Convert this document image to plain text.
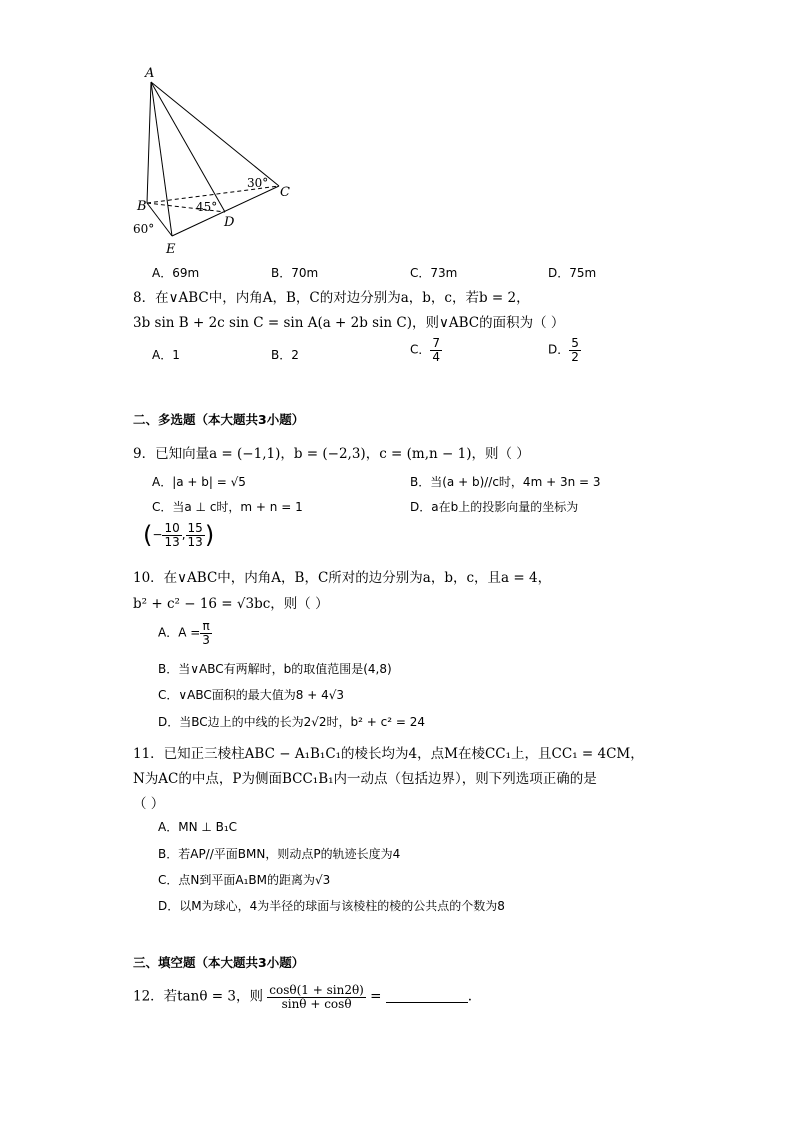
A
B
C
D
E
30°
45°
60°
A．69m	B．70m	C．73m	D．75m
8．在∨ABC中，内角A，B，C的对边分别为a，b，c，若b = 2，
3b sin B + 2c sin C = sin A(a + 2b sin C)，则∨ABC的面积为（ ）
A．1	B．2	C． $\frac{7}{4}$	D． $\frac{5}{2}$
二、多选题（本大题共3小题）
9．已知向量a = (−1,1)，b = (−2,3)，c = (m,n − 1)，则（ ）
A．|a + b| = √5	B．当(a + b)//c时，4m + 3n = 3
C．当a ⊥ c时，m + n = 1	D．a在b上的投影向量的坐标为
(− $\frac{10}{13}$ , $\frac{15}{13}$ )
10．在∨ABC中，内角A，B，C所对的边分别为a，b，c，且a = 4，
b² + c² − 16 = √3bc，则（ ）
A．$A = \frac{\pi}{3}$
B．当∨ABC有两解时，b的取值范围是(4,8)
C．∨ABC面积的最大值为8 + 4√3
D．当BC边上的中线的长为2√2时，b² + c² = 24
11．已知正三棱柱ABC − A₁B₁C₁的棱长均为4，点M在棱CC₁上，且CC₁ = 4CM，
N为AC的中点，P为侧面BCC₁B₁内一动点（包括边界），则下列选项正确的是
（ ）
A．MN ⊥ B₁C
B．若AP//平面BMN，则动点P的轨迹长度为4
C．点N到平面A₁BM的距离为√3
D．以M为球心，4为半径的球面与该棱柱的棱的公共点的个数为8
三、填空题（本大题共3小题）
12．若tanθ = 3，则 $\frac{\cos\theta(1 + \sin 2\theta)}{\sin\theta + \cos\theta}$ =	.
